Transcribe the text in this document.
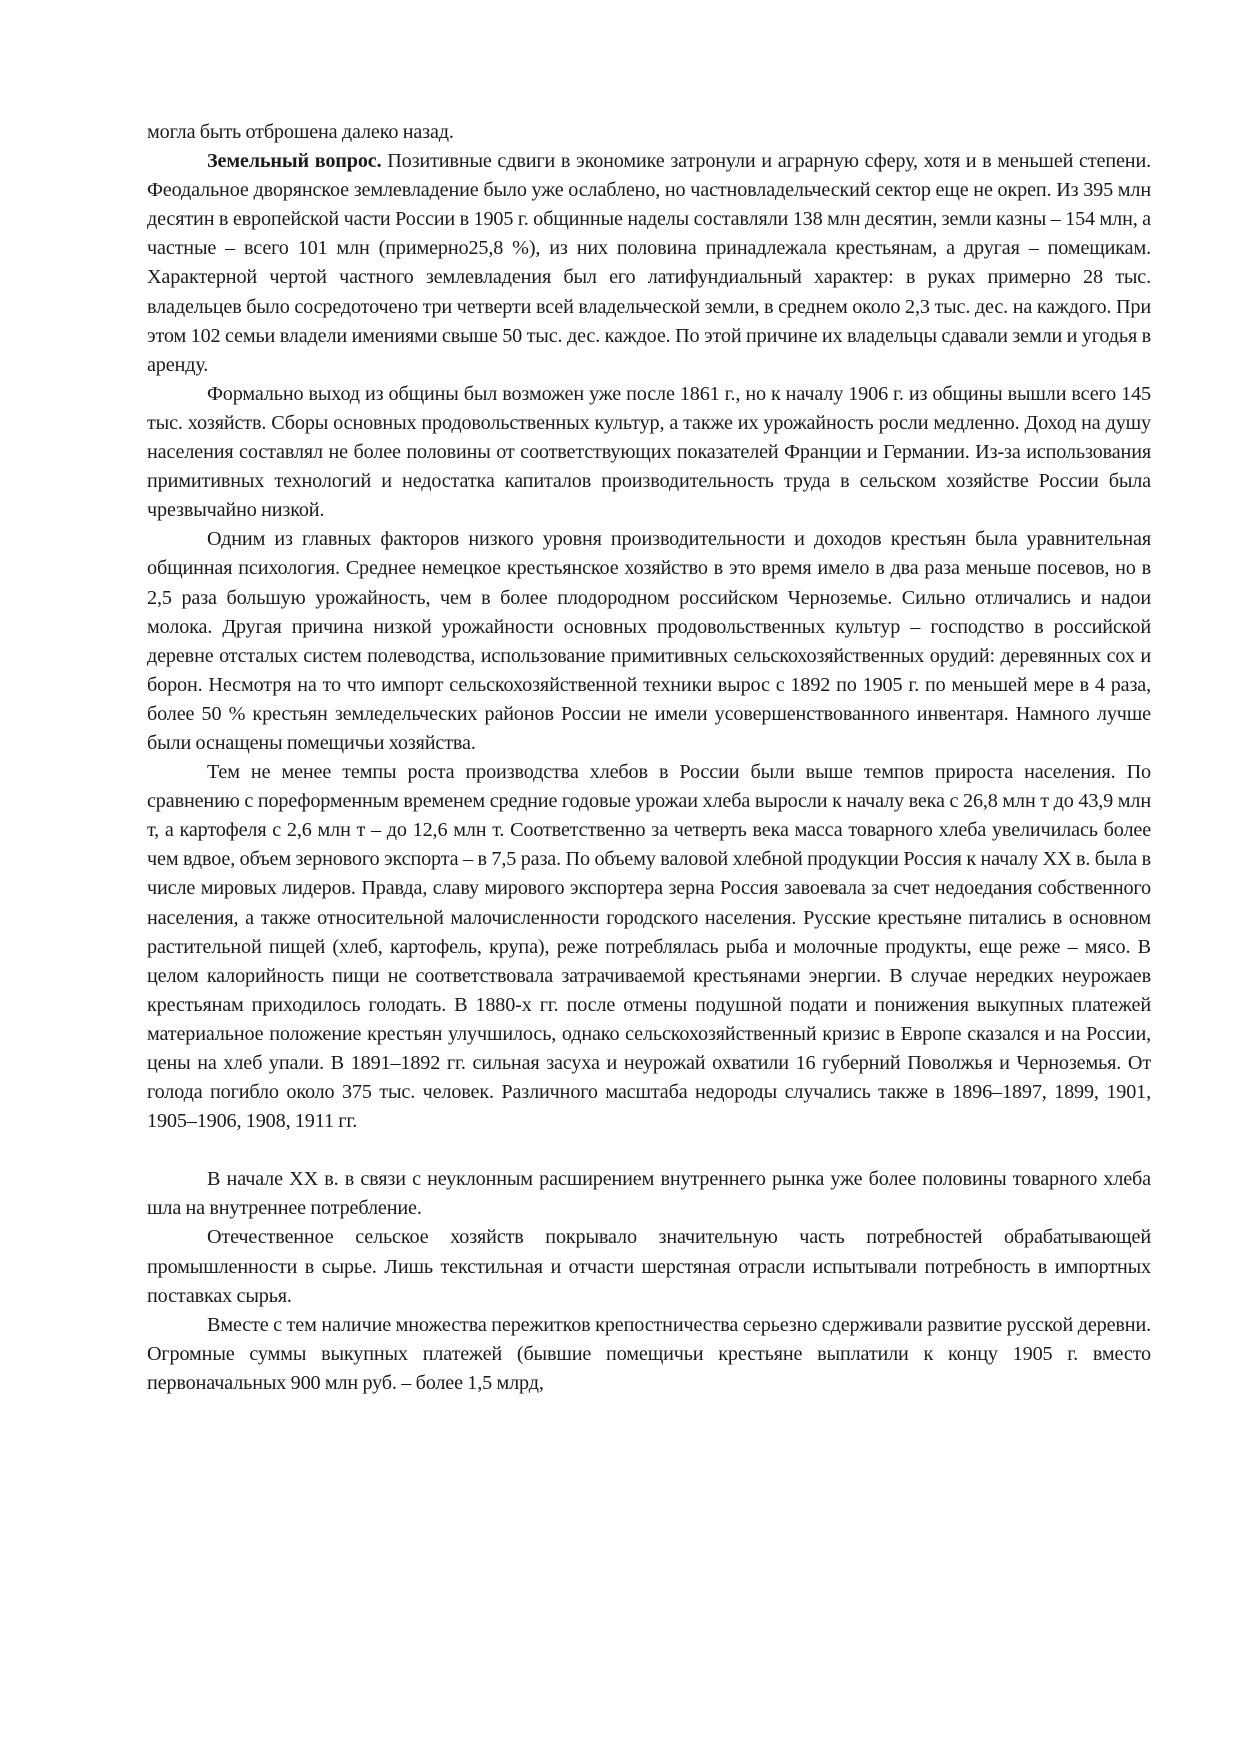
могла быть отброшена далеко назад.

Земельный вопрос. Позитивные сдвиги в экономике затронули и аграрную сферу, хотя и в меньшей степени. Феодальное дворянское землевладение было уже ослаблено, но частновладельческий сектор еще не окреп. Из 395 млн десятин в европейской части России в 1905 г. общинные наделы составляли 138 млн десятин, земли казны – 154 млн, а частные – всего 101 млн (примерно25,8 %), из них половина принадлежала крестьянам, а другая – помещикам. Характерной чертой частного землевладения был его латифундиальный характер: в руках примерно 28 тыс. владельцев было сосредоточено три четверти всей владельческой земли, в среднем около 2,3 тыс. дес. на каждого. При этом 102 семьи владели имениями свыше 50 тыс. дес. каждое. По этой причине их владельцы сдавали земли и угодья в аренду.

Формально выход из общины был возможен уже после 1861 г., но к началу 1906 г. из общины вышли всего 145 тыс. хозяйств. Сборы основных продовольственных культур, а также их урожайность росли медленно. Доход на душу населения составлял не более половины от соответствующих показателей Франции и Германии. Из-за использования примитивных технологий и недостатка капиталов производительность труда в сельском хозяйстве России была чрезвычайно низкой.

Одним из главных факторов низкого уровня производительности и доходов крестьян была уравнительная общинная психология. Среднее немецкое крестьянское хозяйство в это время имело в два раза меньше посевов, но в 2,5 раза большую урожайность, чем в более плодородном российском Черноземье. Сильно отличались и надои молока. Другая причина низкой урожайности основных продовольственных культур – господство в российской деревне отсталых систем полеводства, использование примитивных сельскохозяйственных орудий: деревянных сох и борон. Несмотря на то что импорт сельскохозяйственной техники вырос с 1892 по 1905 г. по меньшей мере в 4 раза, более 50 % крестьян земледельческих районов России не имели усовершенствованного инвентаря. Намного лучше были оснащены помещичьи хозяйства.

Тем не менее темпы роста производства хлебов в России были выше темпов прироста населения. По сравнению с пореформенным временем средние годовые урожаи хлеба выросли к началу века с 26,8 млн т до 43,9 млн т, а картофеля с 2,6 млн т – до 12,6 млн т. Соответственно за четверть века масса товарного хлеба увеличилась более чем вдвое, объем зернового экспорта – в 7,5 раза. По объему валовой хлебной продукции Россия к началу XX в. была в числе мировых лидеров. Правда, славу мирового экспортера зерна Россия завоевала за счет недоедания собственного населения, а также относительной малочисленности городского населения. Русские крестьяне питались в основном растительной пищей (хлеб, картофель, крупа), реже потреблялась рыба и молочные продукты, еще реже – мясо. В целом калорийность пищи не соответствовала затрачиваемой крестьянами энергии. В случае нередких неурожаев крестьянам приходилось голодать. В 1880-х гг. после отмены подушной подати и понижения выкупных платежей материальное положение крестьян улучшилось, однако сельскохозяйственный кризис в Европе сказался и на России, цены на хлеб упали. В 1891–1892 гг. сильная засуха и неурожай охватили 16 губерний Поволжья и Черноземья. От голода погибло около 375 тыс. человек. Различного масштаба недороды случались также в 1896–1897, 1899, 1901, 1905–1906, 1908, 1911 гг.

В начале XX в. в связи с неуклонным расширением внутреннего рынка уже более половины товарного хлеба шла на внутреннее потребление.

Отечественное сельское хозяйств покрывало значительную часть потребностей обрабатывающей промышленности в сырье. Лишь текстильная и отчасти шерстяная отрасли испытывали потребность в импортных поставках сырья.

Вместе с тем наличие множества пережитков крепостничества серьезно сдерживали развитие русской деревни. Огромные суммы выкупных платежей (бывшие помещичьи крестьяне выплатили к концу 1905 г. вместо первоначальных 900 млн руб. – более 1,5 млрд,
